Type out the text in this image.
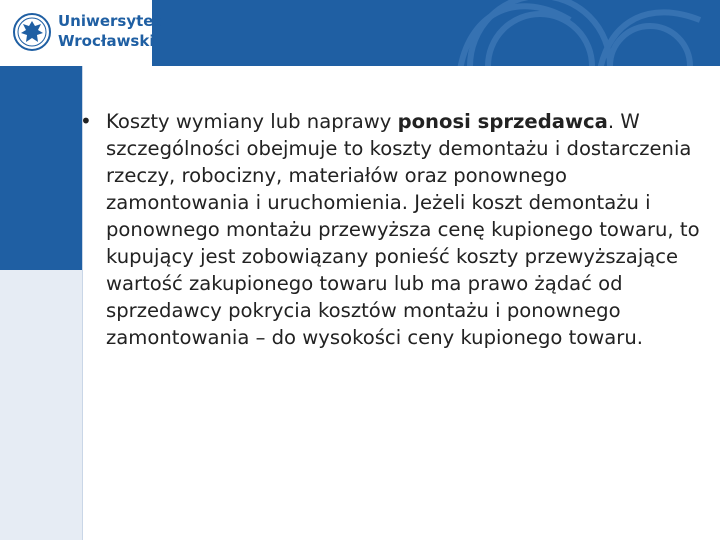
Uniwersytet
Wrocławski
• Koszty wymiany lub naprawy ponosi sprzedawca. W szczególności obejmuje to koszty demontażu i dostarczenia rzeczy, robocizny, materiałów oraz ponownego zamontowania i uruchomienia. Jeżeli koszt demontażu i ponownego montażu przewyższa cenę kupionego towaru, to kupujący jest zobowiązany ponieść koszty przewyższające wartość zakupionego towaru lub ma prawo żądać od sprzedawcy pokrycia kosztów montażu i ponownego zamontowania – do wysokości ceny kupionego towaru.
